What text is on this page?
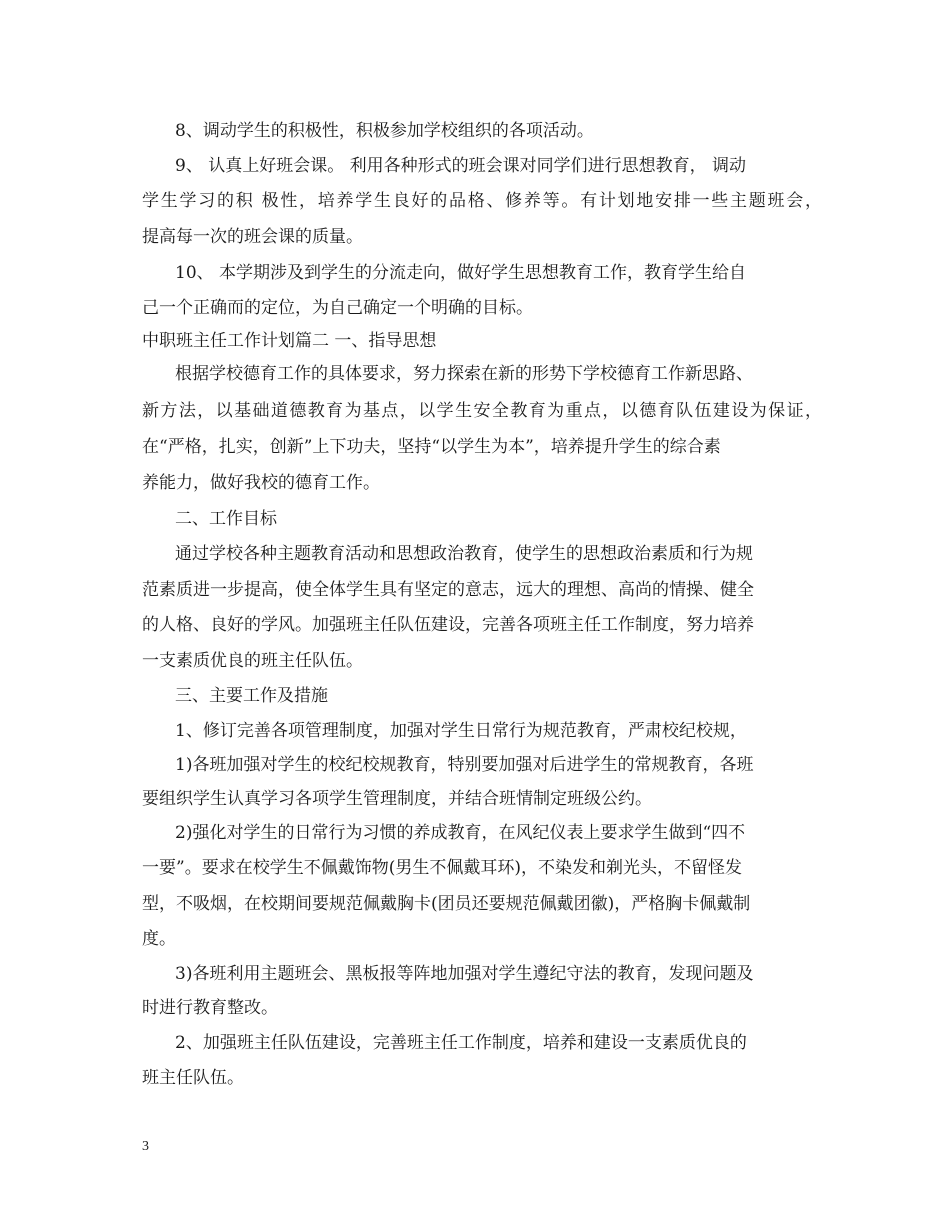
8、调动学生的积极性，积极参加学校组织的各项活动。
9、 认真上好班会课。 利用各种形式的班会课对同学们进行思想教育， 调动
学生学习的积 极性，培养学生良好的品格、修养等。有计划地安排一些主题班会，
提高每一次的班会课的质量。
10、 本学期涉及到学生的分流走向，做好学生思想教育工作，教育学生给自
己一个正确而的定位，为自己确定一个明确的目标。
中职班主任工作计划篇二 一、指导思想
根据学校德育工作的具体要求，努力探索在新的形势下学校德育工作新思路、
新方法，以基础道德教育为基点，以学生安全教育为重点，以德育队伍建设为保证，
在“严格，扎实，创新”上下功夫，坚持“以学生为本”，培养提升学生的综合素
养能力，做好我校的德育工作。
二、工作目标
通过学校各种主题教育活动和思想政治教育，使学生的思想政治素质和行为规
范素质进一步提高，使全体学生具有坚定的意志，远大的理想、高尚的情操、健全
的人格、良好的学风。加强班主任队伍建设，完善各项班主任工作制度，努力培养
一支素质优良的班主任队伍。
三、主要工作及措施
1、修订完善各项管理制度，加强对学生日常行为规范教育，严肃校纪校规，
1)各班加强对学生的校纪校规教育，特别要加强对后进学生的常规教育，各班
要组织学生认真学习各项学生管理制度，并结合班情制定班级公约。
2)强化对学生的日常行为习惯的养成教育，在风纪仪表上要求学生做到“四不
一要”。要求在校学生不佩戴饰物(男生不佩戴耳环)，不染发和剃光头，不留怪发
型，不吸烟，在校期间要规范佩戴胸卡(团员还要规范佩戴团徽)，严格胸卡佩戴制
度。
3)各班利用主题班会、黑板报等阵地加强对学生遵纪守法的教育，发现问题及
时进行教育整改。
2、加强班主任队伍建设，完善班主任工作制度，培养和建设一支素质优良的
班主任队伍。
3
